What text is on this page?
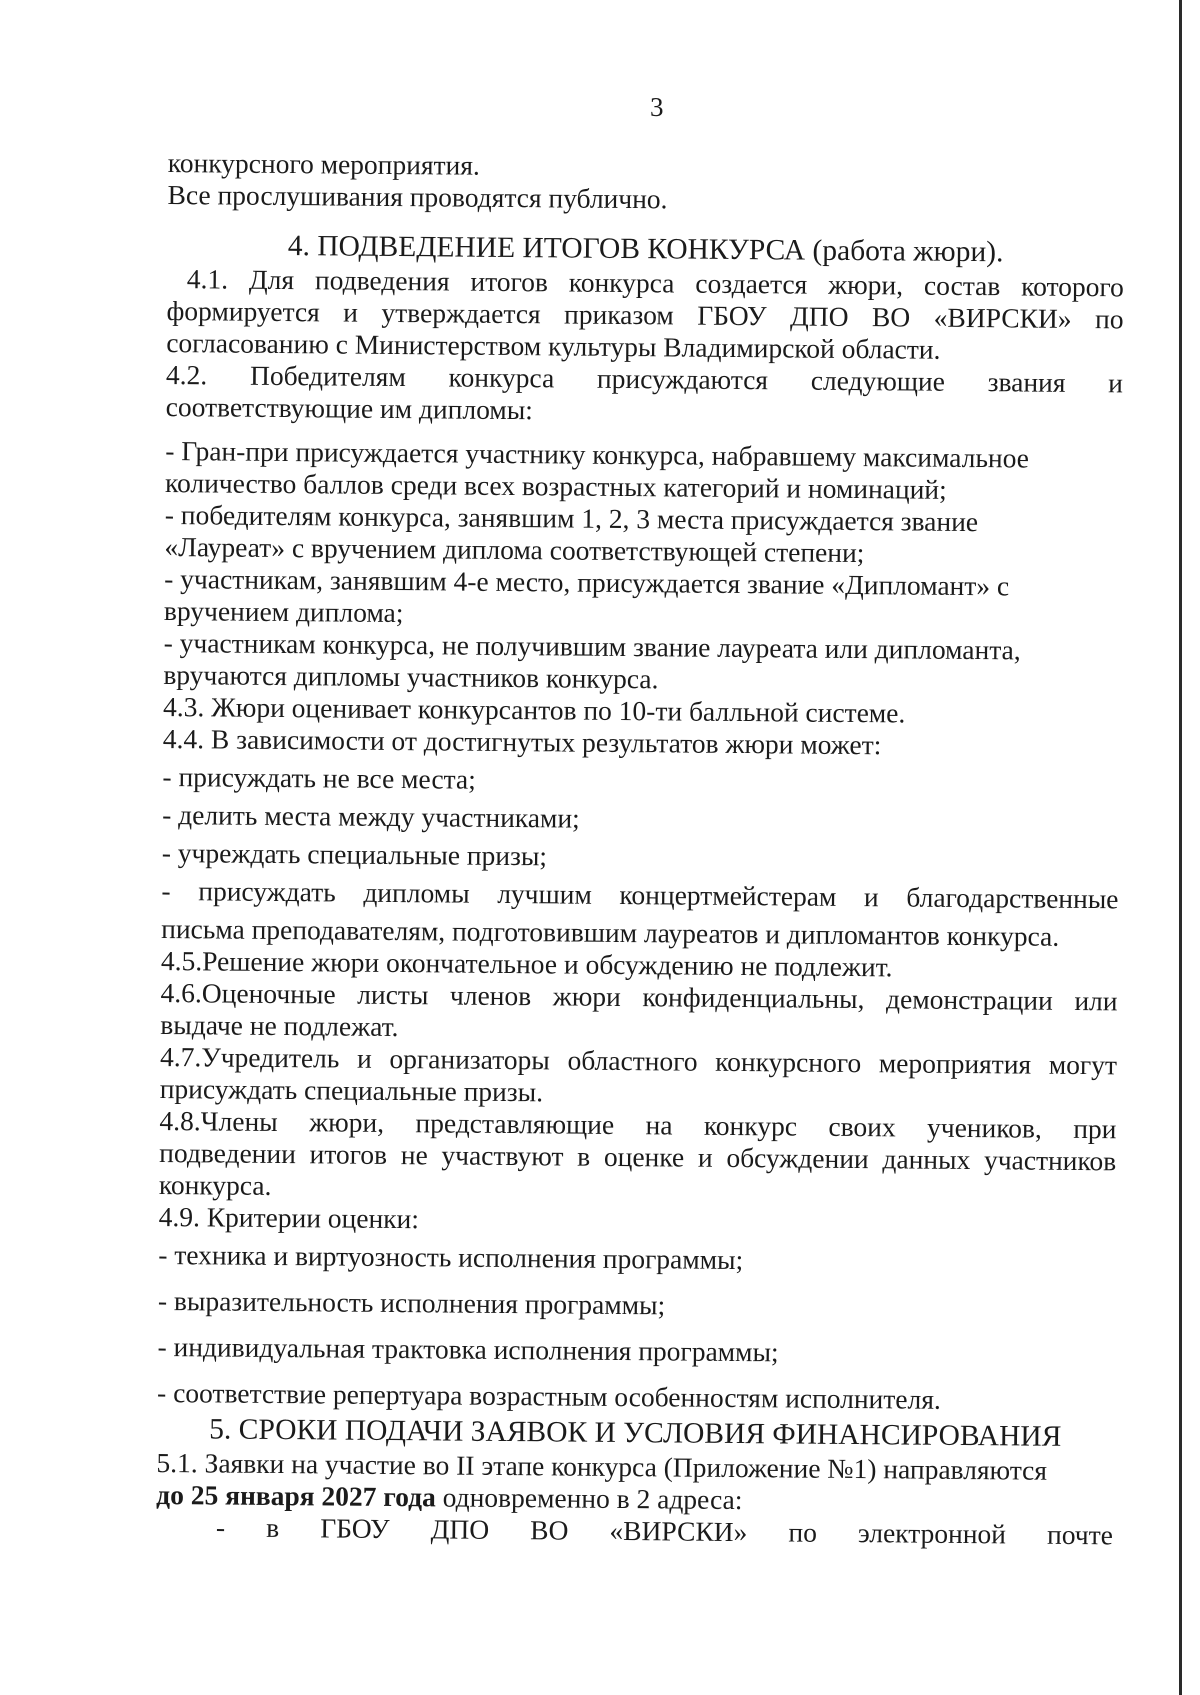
3

конкурсного мероприятия.

Все прослушивания проводятся публично.

4. ПОДВЕДЕНИЕ ИТОГОВ КОНКУРСА (работа жюри).

4.1. Для подведения итогов конкурса создается жюри, состав которого

формируется и утверждается приказом ГБОУ ДПО ВО «ВИРСКИ» по

согласованию с Министерством культуры Владимирской области.

4.2. Победителям конкурса присуждаются следующие звания и

соответствующие им дипломы:

- Гран-при присуждается участнику конкурса, набравшему максимальное

количество баллов среди всех возрастных категорий и номинаций;

- победителям конкурса, занявшим 1, 2, 3 места присуждается звание

«Лауреат» с вручением диплома соответствующей степени;

- участникам, занявшим 4-е место, присуждается звание «Дипломант» с

вручением диплома;

- участникам конкурса, не получившим звание лауреата или дипломанта,

вручаются дипломы участников конкурса.

4.3. Жюри оценивает конкурсантов по 10-ти балльной системе.

4.4. В зависимости от достигнутых результатов жюри может:

- присуждать не все места;

- делить места между участниками;

- учреждать специальные призы;

- присуждать дипломы лучшим концертмейстерам и благодарственные

письма преподавателям, подготовившим лауреатов и дипломантов конкурса.

4.5.Решение жюри окончательное и обсуждению не подлежит.

4.6.Оценочные листы членов жюри конфиденциальны, демонстрации или

выдаче не подлежат.

4.7.Учредитель и организаторы областного конкурсного мероприятия могут

присуждать специальные призы.

4.8.Члены жюри, представляющие на конкурс своих учеников, при

подведении итогов не участвуют в оценке и обсуждении данных участников

конкурса.

4.9. Критерии оценки:

- техника и виртуозность исполнения программы;

- выразительность исполнения программы;

- индивидуальная трактовка исполнения программы;

- соответствие репертуара возрастным особенностям исполнителя.

5. СРОКИ ПОДАЧИ ЗАЯВОК И УСЛОВИЯ ФИНАНСИРОВАНИЯ

5.1. Заявки на участие во II этапе конкурса (Приложение №1) направляются

до 25 января 2027 года одновременно в 2 адреса:

- в ГБОУ ДПО ВО «ВИРСКИ» по электронной почте
